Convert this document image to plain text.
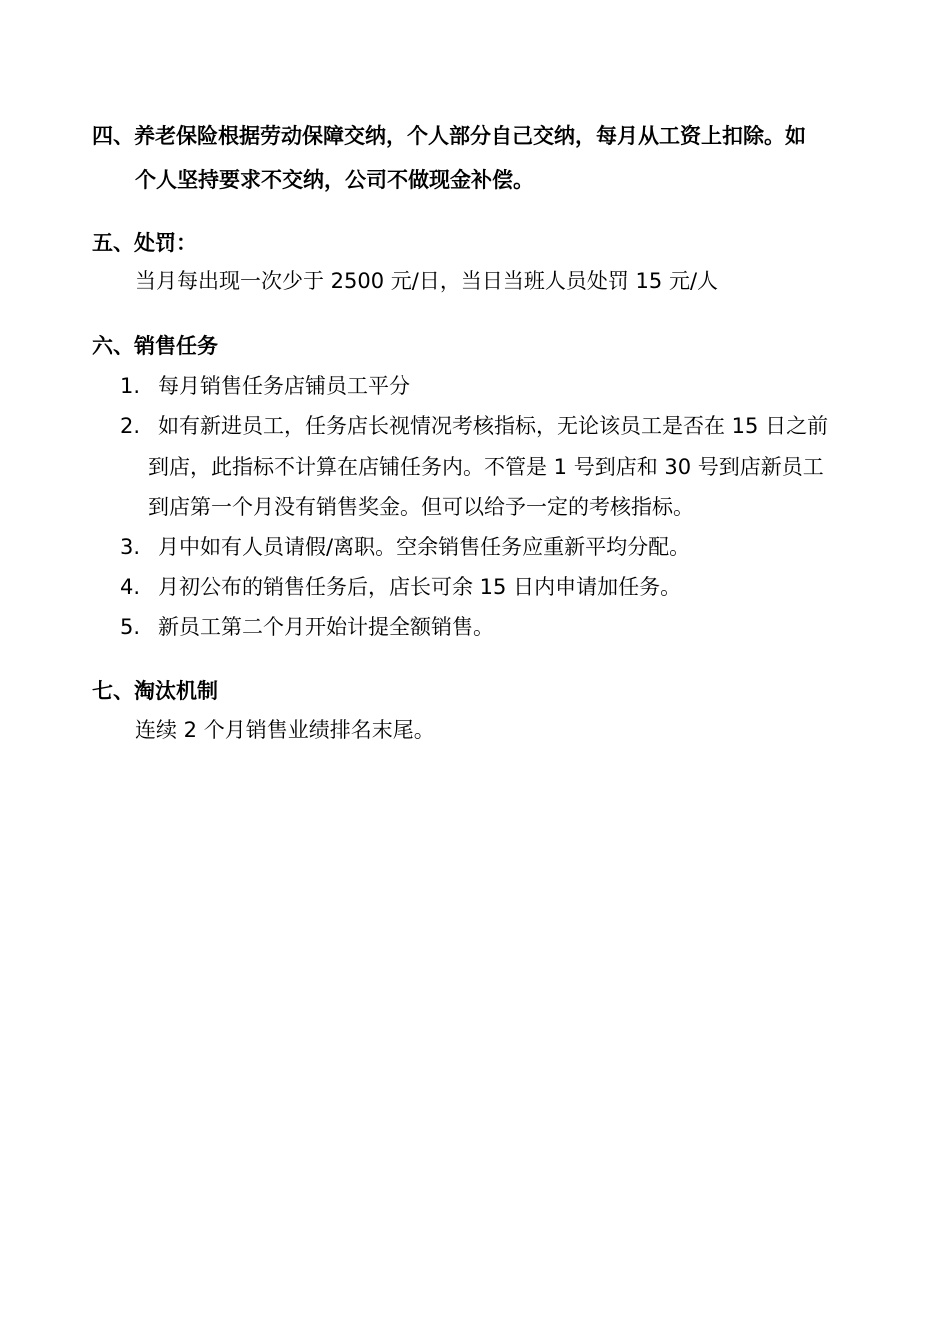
四、养老保险根据劳动保障交纳，个人部分自己交纳，每月从工资上扣除。如
个人坚持要求不交纳，公司不做现金补偿。
五、处罚：
当月每出现一次少于 2500 元/日，当日当班人员处罚 15 元/人
六、销售任务
1. 每月销售任务店铺员工平分
2. 如有新进员工，任务店长视情况考核指标，无论该员工是否在 15 日之前
到店，此指标不计算在店铺任务内。不管是 1 号到店和 30 号到店新员工
到店第一个月没有销售奖金。但可以给予一定的考核指标。
3. 月中如有人员请假/离职。空余销售任务应重新平均分配。
4. 月初公布的销售任务后，店长可余 15 日内申请加任务。
5. 新员工第二个月开始计提全额销售。
七、淘汰机制
连续 2 个月销售业绩排名末尾。
